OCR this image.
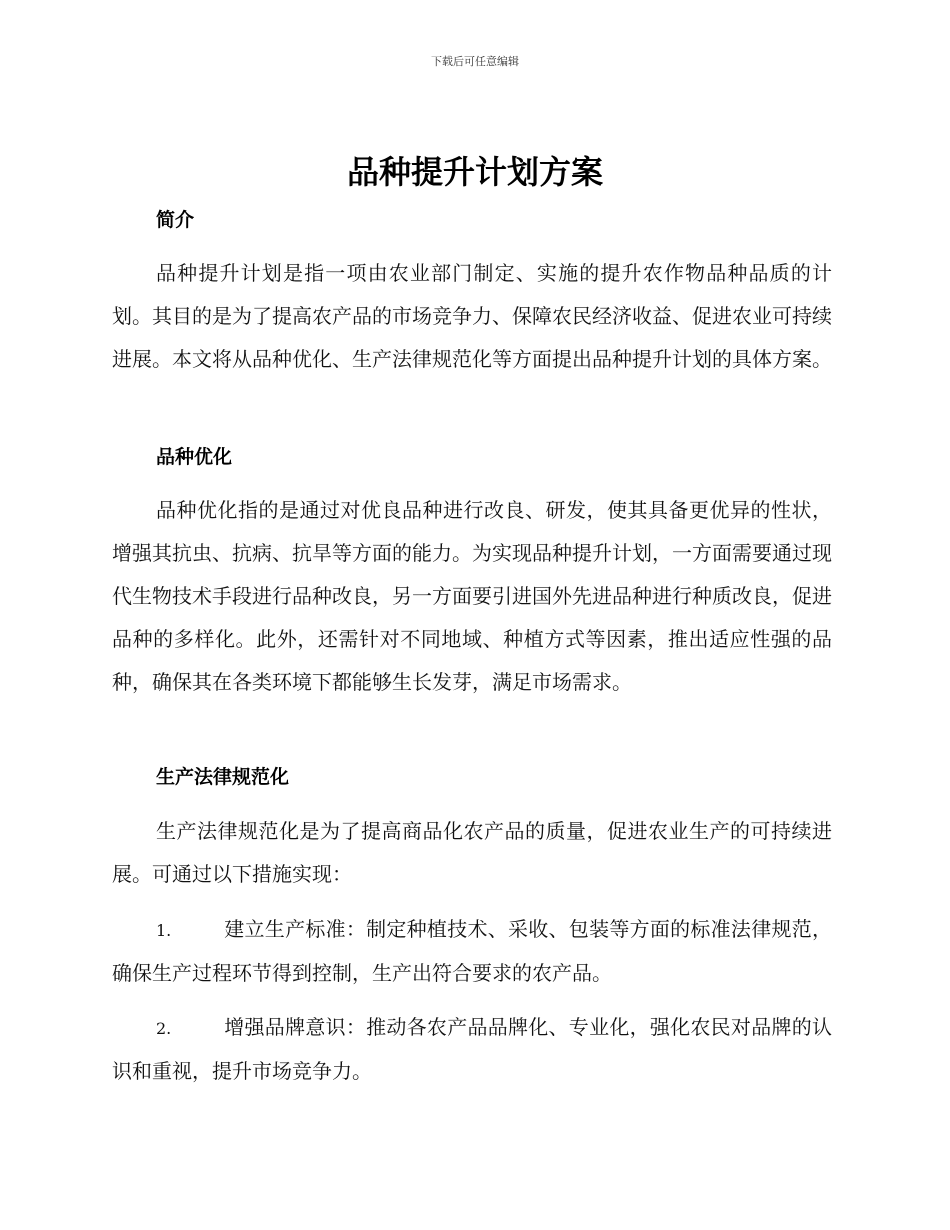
下载后可任意编辑
品种提升计划方案
简介

品种提升计划是指一项由农业部门制定、实施的提升农作物品种品质的计划。其目的是为了提高农产品的市场竞争力、保障农民经济收益、促进农业可持续进展。本文将从品种优化、生产法律规范化等方面提出品种提升计划的具体方案。

品种优化

品种优化指的是通过对优良品种进行改良、研发，使其具备更优异的性状，增强其抗虫、抗病、抗旱等方面的能力。为实现品种提升计划，一方面需要通过现代生物技术手段进行品种改良，另一方面要引进国外先进品种进行种质改良，促进品种的多样化。此外，还需针对不同地域、种植方式等因素，推出适应性强的品种，确保其在各类环境下都能够生长发芽，满足市场需求。

生产法律规范化

生产法律规范化是为了提高商品化农产品的质量，促进农业生产的可持续进展。可通过以下措施实现：

1.	建立生产标准：制定种植技术、采收、包装等方面的标准法律规范，确保生产过程环节得到控制，生产出符合要求的农产品。

2.	增强品牌意识：推动各农产品品牌化、专业化，强化农民对品牌的认识和重视，提升市场竞争力。
